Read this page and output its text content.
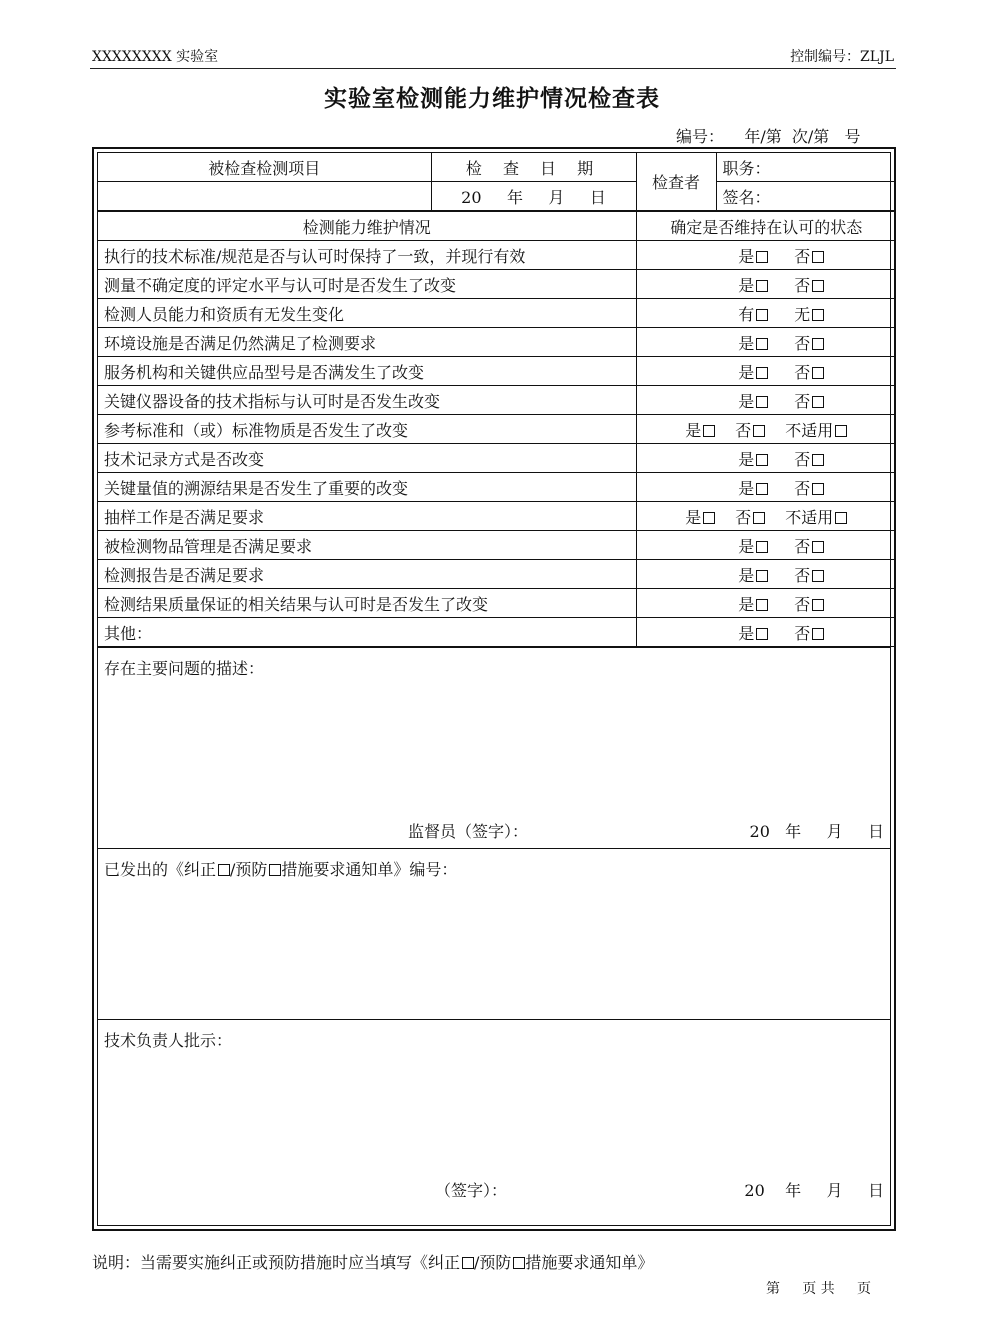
XXXXXXXX 实验室	控制编号：ZLJL
实验室检测能力维护情况检查表
编号：    年/第  次/第   号
被检查检测项目	检 查 日 期	检查者	职务：
	20     年     月     日		签名：
检测能力维护情况	确定是否维持在认可的状态
执行的技术标准/规范是否与认可时保持了一致，并现行有效	是 否
测量不确定度的评定水平与认可时是否发生了改变	是 否
检测人员能力和资质有无发生变化	有 无
环境设施是否满足仍然满足了检测要求	是 否
服务机构和关键供应品型号是否满发生了改变	是 否
关键仪器设备的技术指标与认可时是否发生改变	是 否
参考标准和（或）标准物质是否发生了改变	是 否 不适用
技术记录方式是否改变	是 否
关键量值的溯源结果是否发生了重要的改变	是 否
抽样工作是否满足要求	是 否 不适用
被检测物品管理是否满足要求	是 否
检测报告是否满足要求	是 否
检测结果质量保证的相关结果与认可时是否发生了改变	是 否
其他：	是 否
存在主要问题的描述：
监督员（签字）：	20   年     月     日
已发出的《纠正 /预防 措施要求通知单》编号：
技术负责人批示：
（签字）：	20    年     月     日
说明：当需要实施纠正或预防措施时应当填写《纠正 /预防 措施要求通知单》
第     页 共     页
